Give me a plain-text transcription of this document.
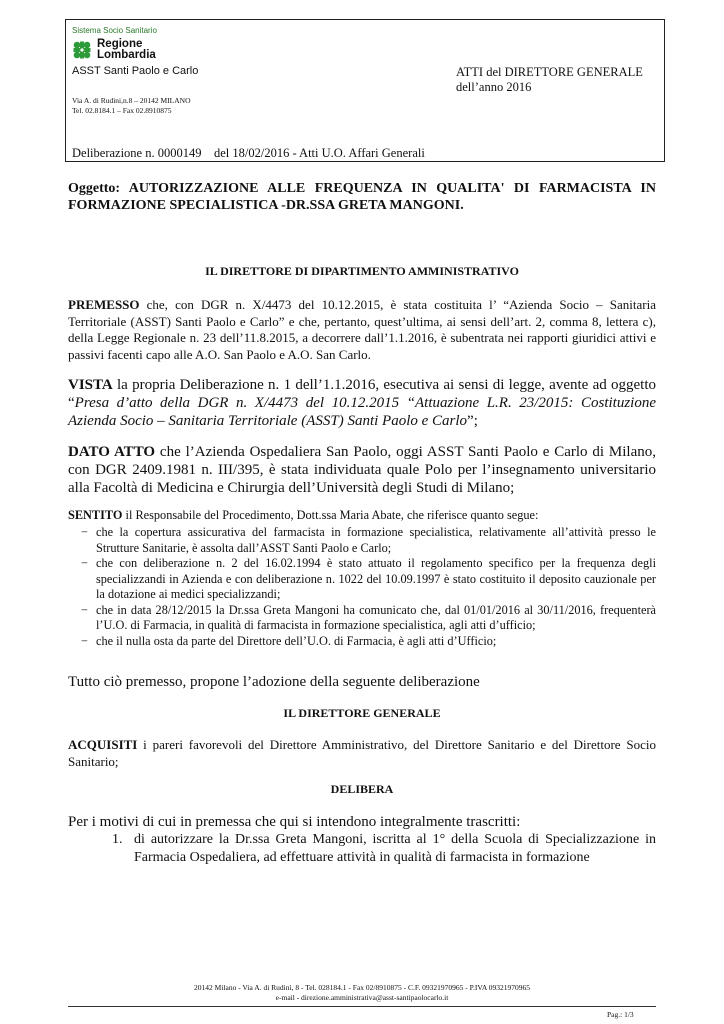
Sistema Socio Sanitario
Regione
Lombardia
ASST Santi Paolo e Carlo
Via A. di Rudini,n.8 – 20142 MILANO
Tel. 02.8184.1 – Fax 02.8910875
ATTI del DIRETTORE GENERALE
dell’anno 2016
Deliberazione n. 0000149    del 18/02/2016 - Atti U.O. Affari Generali
Oggetto: AUTORIZZAZIONE ALLE FREQUENZA IN QUALITA' DI FARMACISTA IN FORMAZIONE SPECIALISTICA -DR.SSA GRETA MANGONI.
IL DIRETTORE DI DIPARTIMENTO AMMINISTRATIVO
PREMESSO che, con DGR n. X/4473 del 10.12.2015, è stata costituita l’ “Azienda Socio – Sanitaria Territoriale (ASST) Santi Paolo e Carlo” e che, pertanto, quest’ultima, ai sensi dell’art. 2, comma 8, lettera c), della Legge Regionale n. 23 dell’11.8.2015, a decorrere dall’1.1.2016, è subentrata nei rapporti giuridici attivi e passivi facenti capo alle A.O. San Paolo e A.O. San Carlo.
VISTA la propria Deliberazione n. 1 dell’1.1.2016, esecutiva ai sensi di legge, avente ad oggetto “Presa d’atto della DGR n. X/4473 del 10.12.2015 “Attuazione L.R. 23/2015: Costituzione Azienda Socio – Sanitaria Territoriale (ASST) Santi Paolo e Carlo”;
DATO ATTO che l’Azienda Ospedaliera San Paolo, oggi ASST Santi Paolo e Carlo di Milano, con DGR 2409.1981 n. III/395, è stata individuata quale Polo per l’insegnamento universitario alla Facoltà di Medicina e Chirurgia dell’Università degli Studi di Milano;
SENTITO il Responsabile del Procedimento, Dott.ssa Maria Abate, che riferisce quanto segue:
− che la copertura assicurativa del farmacista in formazione specialistica, relativamente all’attività presso le Strutture Sanitarie, è assolta dall’ASST Santi Paolo e Carlo;
− che con deliberazione n. 2 del 16.02.1994 è stato attuato il regolamento specifico per la frequenza degli specializzandi in Azienda e con deliberazione n. 1022 del 10.09.1997 è stato costituito il deposito cauzionale per la dotazione ai medici specializzandi;
− che in data 28/12/2015 la Dr.ssa Greta Mangoni ha comunicato che, dal 01/01/2016 al 30/11/2016, frequenterà l’U.O. di Farmacia, in qualità di farmacista in formazione specialistica, agli atti d’ufficio;
− che il nulla osta da parte del Direttore dell’U.O. di Farmacia, è agli atti d’Ufficio;
Tutto ciò premesso, propone l’adozione della seguente deliberazione
IL DIRETTORE GENERALE
ACQUISITI i pareri favorevoli del Direttore Amministrativo, del Direttore Sanitario e del Direttore Socio Sanitario;
DELIBERA
Per i motivi di cui in premessa che qui si intendono integralmente trascritti:
1. di autorizzare la Dr.ssa Greta Mangoni, iscritta al 1° della Scuola di Specializzazione in Farmacia Ospedaliera, ad effettuare attività in qualità di farmacista in formazione
20142 Milano - Via A. di Rudinì, 8 - Tel. 028184.1 - Fax 02/8910875 - C.F. 09321970965 - P.IVA 09321970965
e-mail - direzione.amministrativa@asst-santipaolocarlo.it
Pag.: 1/3
